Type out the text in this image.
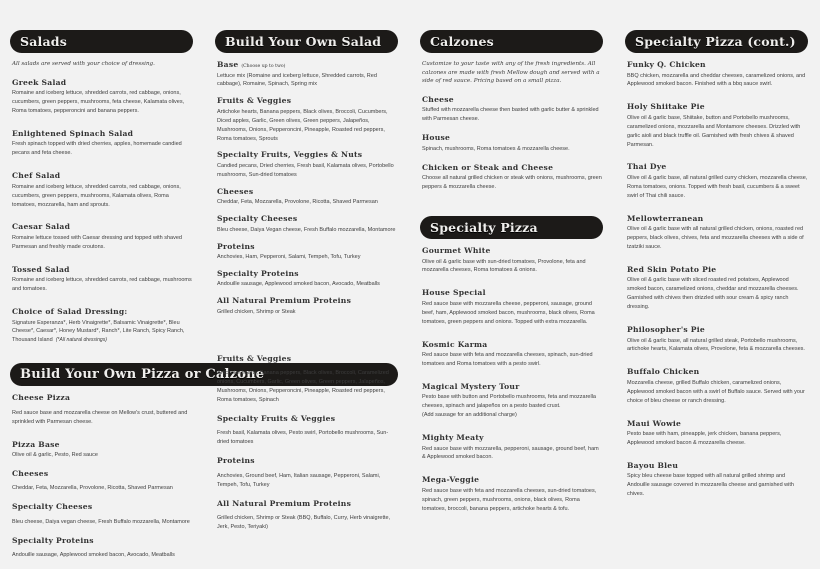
Salads

All salads are served with your choice of dressing.

Greek Salad

Romaine and iceberg lettuce, shredded carrots, red cabbage, onions, cucumbers, green peppers, mushrooms, feta cheese, Kalamata olives, Roma tomatoes, pepperoncini and banana peppers.

Enlightened Spinach Salad

Fresh spinach topped with dried cherries, apples, homemade candied pecans and feta cheese.

Chef Salad

Romaine and iceberg lettuce, shredded carrots, red cabbage, onions, cucumbers, green peppers, mushrooms, Kalamata olives, Roma tomatoes, mozzarella, ham and sprouts.

Caesar Salad

Romaine lettuce tossed with Caesar dressing and topped with shaved Parmesan and freshly made croutons.

Tossed Salad

Romaine and iceberg lettuce, shredded carrots, red cabbage, mushrooms and tomatoes.

Choice of Salad Dressing:

Signature Esperanza*, Herb Vinaigrette*, Balsamic Vinaigrette*, Bleu Cheese*, Caesar*, Honey Mustard*, Ranch*, Lite Ranch, Spicy Ranch, Thousand Island (*All natural dressings)

Build Your Own Pizza or Calzone
Cheese Pizza

Red sauce base and mozzarella cheese on Mellow's crust, buttered and sprinkled with Parmesan cheese.

Pizza Base

Olive oil & garlic, Pesto, Red sauce

Cheeses

Cheddar, Feta, Mozzarella, Provolone, Ricotta, Shaved Parmesan

Specialty Cheeses

Bleu cheese, Daiya vegan cheese, Fresh Buffalo mozzarella, Montamore

Specialty Proteins

Andouille sausage, Applewood smoked bacon, Avocado, Meatballs

Build Your Own Salad
Base (Choose up to two)

Lettuce mix (Romaine and iceberg lettuce, Shredded carrots, Red cabbage), Romaine, Spinach, Spring mix

Fruits & Veggies

Artichoke hearts, Banana peppers, Black olives, Broccoli, Cucumbers, Diced apples, Garlic, Green olives, Green peppers, Jalapeños, Mushrooms, Onions, Pepperoncini, Pineapple, Roasted red peppers, Roma tomatoes, Sprouts

Specialty Fruits, Veggies & Nuts

Candied pecans, Dried cherries, Fresh basil, Kalamata olives, Portobello mushrooms, Sun-dried tomatoes

Cheeses

Cheddar, Feta, Mozzarella, Provolone, Ricotta, Shaved Parmesan

Specialty Cheeses

Bleu cheese, Daiya Vegan cheese, Fresh Buffalo mozzarella, Montamore

Proteins

Anchovies, Ham, Pepperoni, Salami, Tempeh, Tofu, Turkey

Specialty Proteins

Andouille sausage, Applewood smoked bacon, Avocado, Meatballs

All Natural Premium Proteins

Grilled chicken, Shrimp or Steak

Fruits & Veggies

Artichoke hearts, Banana peppers, Black olives, Broccoli, Caramelized onions, Cucumbers, Garlic, Green olives, Green peppers, Jalapeños, Mushrooms, Onions, Pepperoncini, Pineapple, Roasted red peppers, Roma tomatoes, Spinach

Specialty Fruits & Veggies

Fresh basil, Kalamata olives, Pesto swirl, Portobello mushrooms, Sun-dried tomatoes

Proteins

Anchovies, Ground beef, Ham, Italian sausage, Pepperoni, Salami, Tempeh, Tofu, Turkey

All Natural Premium Proteins

Grilled chicken, Shrimp or Steak (BBQ, Buffalo, Curry, Herb vinaigrette, Jerk, Pesto, Teriyaki)

Calzones

Customize to your taste with any of the fresh ingredients. All calzones are made with fresh Mellow dough and served with a side of red sauce. Pricing based on a small pizza.

Cheese

Stuffed with mozzarella cheese then basted with garlic butter & sprinkled with Parmesan cheese.

House

Spinach, mushrooms, Roma tomatoes & mozzarella cheese.

Chicken or Steak and Cheese

Choose all natural grilled chicken or steak with onions, mushrooms, green peppers & mozzarella cheese.

Specialty Pizza
Gourmet White

Olive oil & garlic base with sun-dried tomatoes, Provolone, feta and mozzarella cheeses, Roma tomatoes & onions.

House Special

Red sauce base with mozzarella cheese, pepperoni, sausage, ground beef, ham, Applewood smoked bacon, mushrooms, black olives, Roma tomatoes, green peppers and onions. Topped with extra mozzarella.

Kosmic Karma

Red sauce base with feta and mozzarella cheeses, spinach, sun-dried tomatoes and Roma tomatoes with a pesto swirl.

Magical Mystery Tour

Pesto base with button and Portobello mushrooms, feta and mozzarella cheeses, spinach and jalapeños on a pesto basted crust.

(Add sausage for an additional charge)

Mighty Meaty

Red sauce base with mozzarella, pepperoni, sausage, ground beef, ham & Applewood smoked bacon.

Mega-Veggie

Red sauce base with feta and mozzarella cheeses, sun-dried tomatoes, spinach, green peppers, mushrooms, onions, black olives, Roma tomatoes, broccoli, banana peppers, artichoke hearts & tofu.

Specialty Pizza (cont.)
Funky Q. Chicken

BBQ chicken, mozzarella and cheddar cheeses, caramelized onions, and Applewood smoked bacon. Finished with a bbq sauce swirl.

Holy Shiitake Pie

Olive oil & garlic base, Shiitake, button and Portobello mushrooms, caramelized onions, mozzarella and Montamore cheeses. Drizzled with garlic aioli and black truffle oil. Garnished with fresh chives & shaved Parmesan.

Thai Dye

Olive oil & garlic base, all natural grilled curry chicken, mozzarella cheese, Roma tomatoes, onions. Topped with fresh basil, cucumbers & a sweet swirl of Thai chili sauce.

Mellowterranean

Olive oil & garlic base with all natural grilled chicken, onions, roasted red peppers, black olives, chives, feta and mozzarella cheeses with a side of tzatziki sauce.

Red Skin Potato Pie

Olive oil & garlic base with sliced roasted red potatoes, Applewood smoked bacon, caramelized onions, cheddar and mozzarella cheeses. Garnished with chives then drizzled with sour cream & spicy ranch dressing.

Philosopher's Pie

Olive oil & garlic base, all natural grilled steak, Portobello mushrooms, artichoke hearts, Kalamata olives, Provolone, feta & mozzarella cheeses.

Buffalo Chicken

Mozzarella cheese, grilled Buffalo chicken, caramelized onions, Applewood smoked bacon with a swirl of Buffalo sauce. Served with your choice of bleu cheese or ranch dressing.

Maui Wowie

Pesto base with ham, pineapple, jerk chicken, banana peppers, Applewood smoked bacon & mozzarella cheese.

Bayou Bleu

Spicy bleu cheese base topped with all natural grilled shrimp and Andouille sausage covered in mozzarella cheese and garnished with chives.
